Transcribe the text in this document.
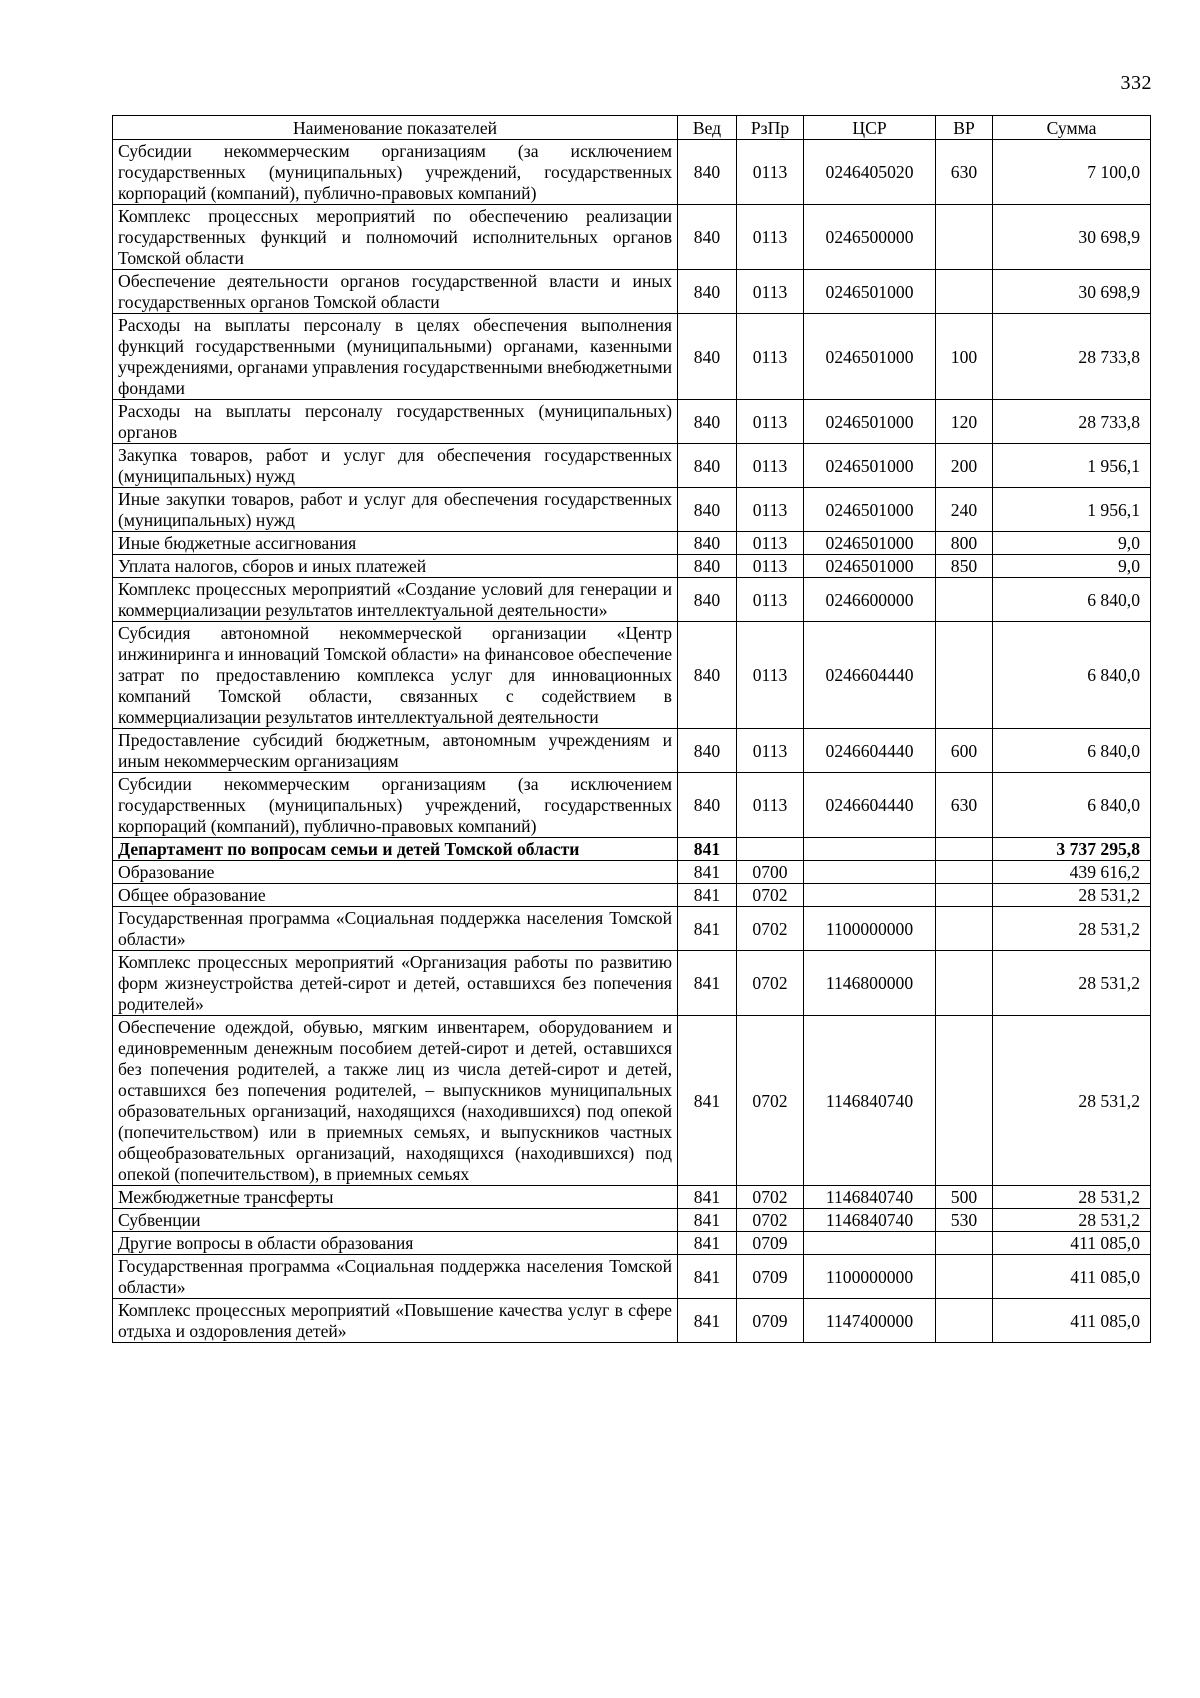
332
Наименование показателей	Вед	РзПр	ЦСР	ВР	Сумма
Субсидии некоммерческим организациям (за исключением государственных (муниципальных) учреждений, государственных корпораций (компаний), публично-правовых компаний)	840	0113	0246405020	630	7 100,0
Комплекс процессных мероприятий по обеспечению реализации государственных функций и полномочий исполнительных органов Томской области	840	0113	0246500000		30 698,9
Обеспечение деятельности органов государственной власти и иных государственных органов Томской области	840	0113	0246501000		30 698,9
Расходы на выплаты персоналу в целях обеспечения выполнения функций государственными (муниципальными) органами, казенными учреждениями, органами управления государственными внебюджетными фондами	840	0113	0246501000	100	28 733,8
Расходы на выплаты персоналу государственных (муниципальных) органов	840	0113	0246501000	120	28 733,8
Закупка товаров, работ и услуг для обеспечения государственных (муниципальных) нужд	840	0113	0246501000	200	1 956,1
Иные закупки товаров, работ и услуг для обеспечения государственных (муниципальных) нужд	840	0113	0246501000	240	1 956,1
Иные бюджетные ассигнования	840	0113	0246501000	800	9,0
Уплата налогов, сборов и иных платежей	840	0113	0246501000	850	9,0
Комплекс процессных мероприятий «Создание условий для генерации и коммерциализации результатов интеллектуальной деятельности»	840	0113	0246600000		6 840,0
Субсидия автономной некоммерческой организации «Центр инжиниринга и инноваций Томской области» на финансовое обеспечение затрат по предоставлению комплекса услуг для инновационных компаний Томской области, связанных с содействием в коммерциализации результатов интеллектуальной деятельности	840	0113	0246604440		6 840,0
Предоставление субсидий бюджетным, автономным учреждениям и иным некоммерческим организациям	840	0113	0246604440	600	6 840,0
Субсидии некоммерческим организациям (за исключением государственных (муниципальных) учреждений, государственных корпораций (компаний), публично-правовых компаний)	840	0113	0246604440	630	6 840,0
Департамент по вопросам семьи и детей Томской области	841				3 737 295,8
Образование	841	0700			439 616,2
Общее образование	841	0702			28 531,2
Государственная программа «Социальная поддержка населения Томской области»	841	0702	1100000000		28 531,2
Комплекс процессных мероприятий «Организация работы по развитию форм жизнеустройства детей-сирот и детей, оставшихся без попечения родителей»	841	0702	1146800000		28 531,2
Обеспечение одеждой, обувью, мягким инвентарем, оборудованием и единовременным денежным пособием детей-сирот и детей, оставшихся без попечения родителей, а также лиц из числа детей-сирот и детей, оставшихся без попечения родителей, – выпускников муниципальных образовательных организаций, находящихся (находившихся) под опекой (попечительством) или в приемных семьях, и выпускников частных общеобразовательных организаций, находящихся (находившихся) под опекой (попечительством), в приемных семьях	841	0702	1146840740		28 531,2
Межбюджетные трансферты	841	0702	1146840740	500	28 531,2
Субвенции	841	0702	1146840740	530	28 531,2
Другие вопросы в области образования	841	0709			411 085,0
Государственная программа «Социальная поддержка населения Томской области»	841	0709	1100000000		411 085,0
Комплекс процессных мероприятий «Повышение качества услуг в сфере отдыха и оздоровления детей»	841	0709	1147400000		411 085,0
